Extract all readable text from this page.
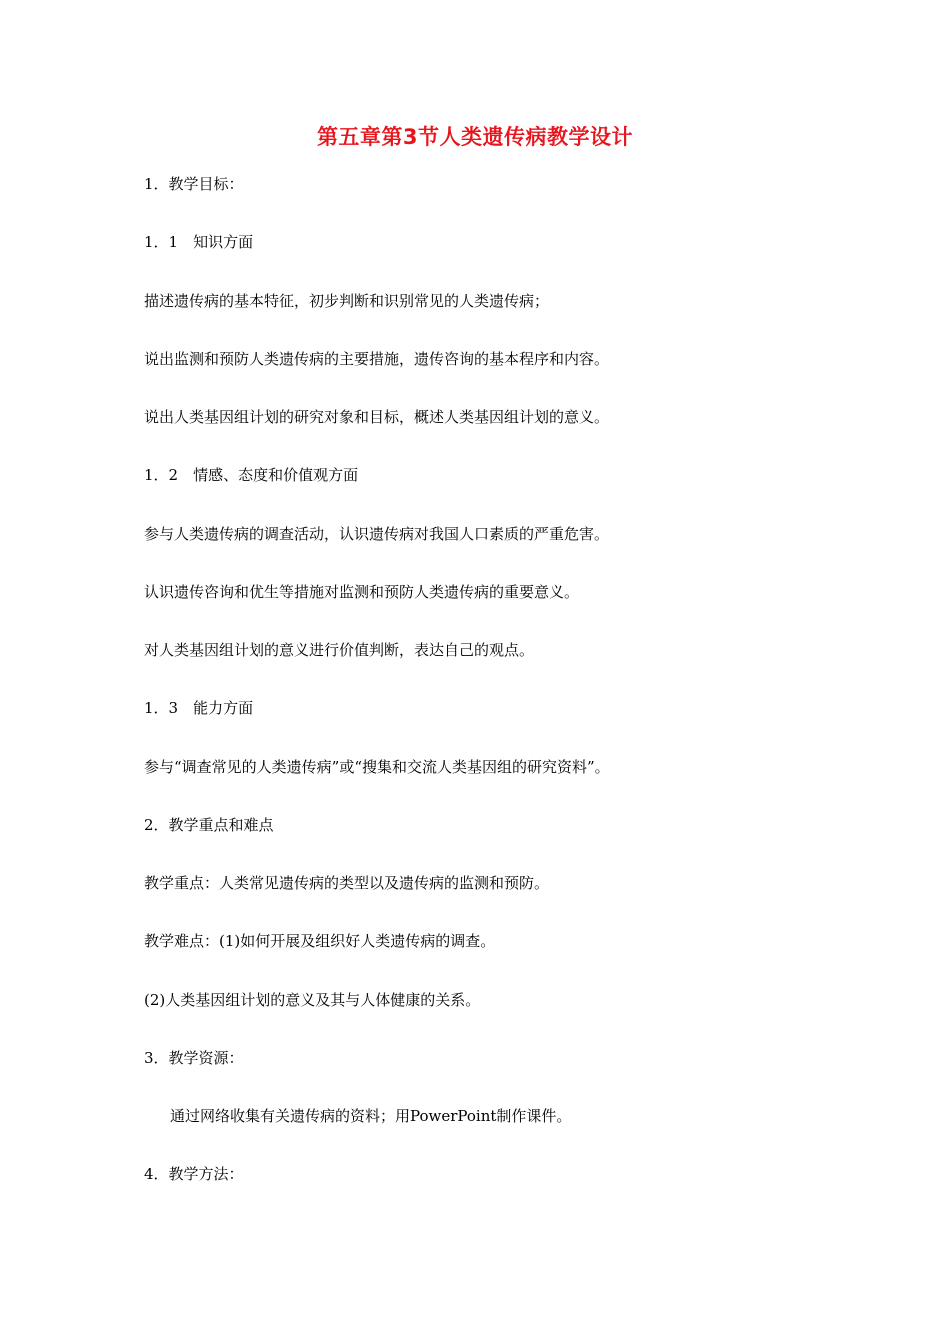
第五章第3节人类遗传病教学设计

1．教学目标：

1．1　知识方面

描述遗传病的基本特征，初步判断和识别常见的人类遗传病；

说出监测和预防人类遗传病的主要措施，遗传咨询的基本程序和内容。

说出人类基因组计划的研究对象和目标，概述人类基因组计划的意义。

1．2　情感、态度和价值观方面

参与人类遗传病的调查活动，认识遗传病对我国人口素质的严重危害。

认识遗传咨询和优生等措施对监测和预防人类遗传病的重要意义。

对人类基因组计划的意义进行价值判断，表达自己的观点。

1．3　能力方面

参与“调查常见的人类遗传病”或“搜集和交流人类基因组的研究资料”。

2．教学重点和难点

教学重点：人类常见遗传病的类型以及遗传病的监测和预防。

教学难点：(1)如何开展及组织好人类遗传病的调查。

(2)人类基因组计划的意义及其与人体健康的关系。

3．教学资源：

通过网络收集有关遗传病的资料；用PowerPoint制作课件。

4．教学方法：
